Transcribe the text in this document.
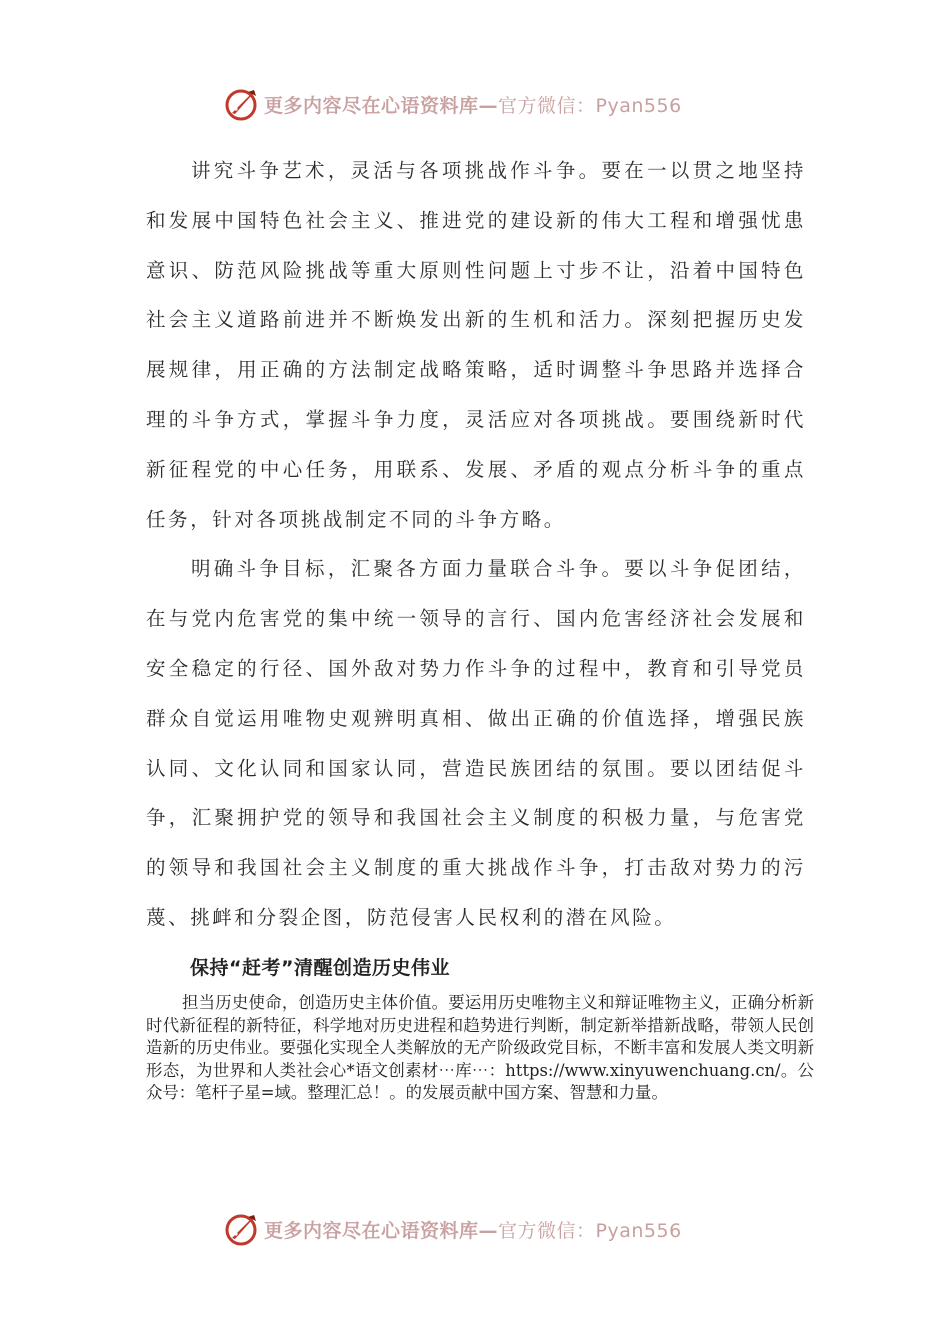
更多内容尽在心语资料库—官方微信：Pyan556

讲究斗争艺术，灵活与各项挑战作斗争。要在一以贯之地坚持和发展中国特色社会主义、推进党的建设新的伟大工程和增强忧患意识、防范风险挑战等重大原则性问题上寸步不让，沿着中国特色社会主义道路前进并不断焕发出新的生机和活力。深刻把握历史发展规律，用正确的方法制定战略策略，适时调整斗争思路并选择合理的斗争方式，掌握斗争力度，灵活应对各项挑战。要围绕新时代新征程党的中心任务，用联系、发展、矛盾的观点分析斗争的重点任务，针对各项挑战制定不同的斗争方略。

明确斗争目标，汇聚各方面力量联合斗争。要以斗争促团结，在与党内危害党的集中统一领导的言行、国内危害经济社会发展和安全稳定的行径、国外敌对势力作斗争的过程中，教育和引导党员群众自觉运用唯物史观辨明真相、做出正确的价值选择，增强民族认同、文化认同和国家认同，营造民族团结的氛围。要以团结促斗争，汇聚拥护党的领导和我国社会主义制度的积极力量，与危害党的领导和我国社会主义制度的重大挑战作斗争，打击敌对势力的污蔑、挑衅和分裂企图，防范侵害人民权利的潜在风险。

保持“赶考”清醒创造历史伟业

担当历史使命，创造历史主体价值。要运用历史唯物主义和辩证唯物主义，正确分析新时代新征程的新特征，科学地对历史进程和趋势进行判断，制定新举措新战略，带领人民创造新的历史伟业。要强化实现全人类解放的无产阶级政党目标，不断丰富和发展人类文明新形态，为世界和人类社会心*语文创素材⋯库⋯：https://www.xinyuwenchuang.cn/。公众号：笔杆子星=域。整理汇总！。的发展贡献中国方案、智慧和力量。

更多内容尽在心语资料库—官方微信：Pyan556
